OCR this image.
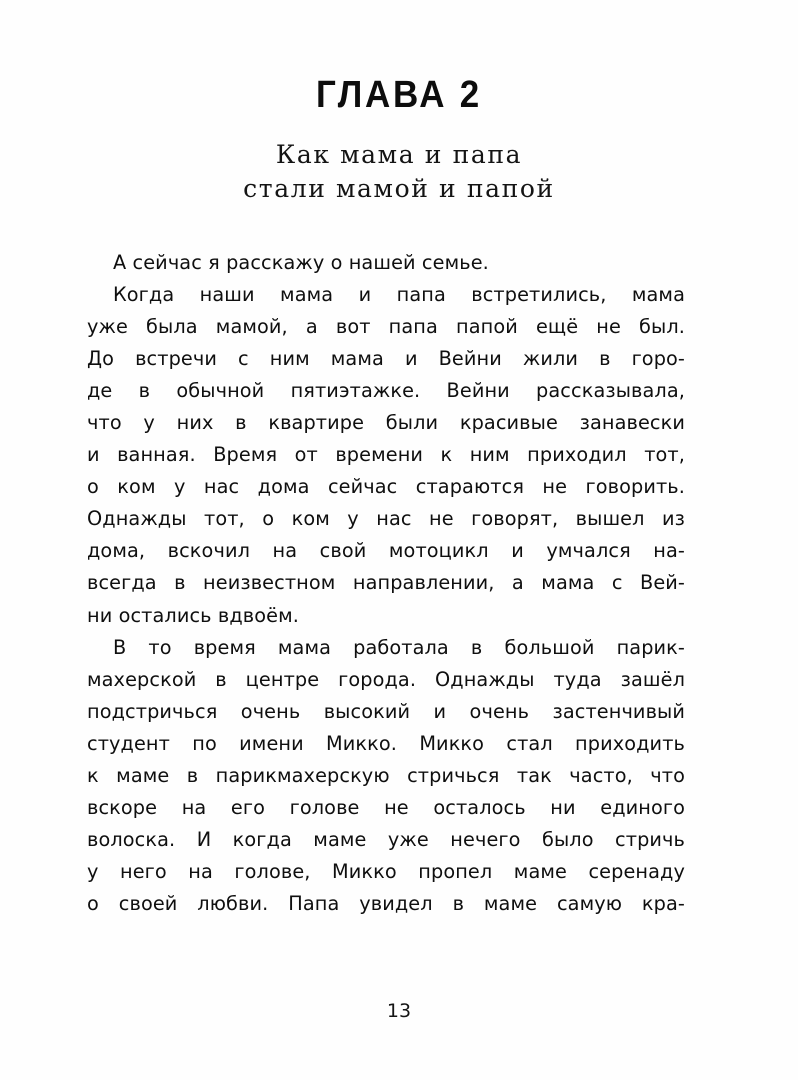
ГЛАВА 2
Как мама и папа
стали мамой и папой

А сейчас я расскажу о нашей семье.

Когда наши мама и папа встретились, мама
уже была мамой, а вот папа папой ещё не был.
До встречи с ним мама и Вейни жили в горо-
де в обычной пятиэтажке. Вейни рассказывала,
что у них в квартире были красивые занавески
и ванная. Время от времени к ним приходил тот,
о ком у нас дома сейчас стараются не говорить.
Однажды тот, о ком у нас не говорят, вышел из
дома, вскочил на свой мотоцикл и умчался на-
всегда в неизвестном направлении, а мама с Вей-
ни остались вдвоём.

В то время мама работала в большой парик-
махерской в центре города. Однажды туда зашёл
подстричься очень высокий и очень застенчивый
студент по имени Микко. Микко стал приходить
к маме в парикмахерскую стричься так часто, что
вскоре на его голове не осталось ни единого
волоска. И когда маме уже нечего было стричь
у него на голове, Микко пропел маме серенаду
о своей любви. Папа увидел в маме самую кра-

13
